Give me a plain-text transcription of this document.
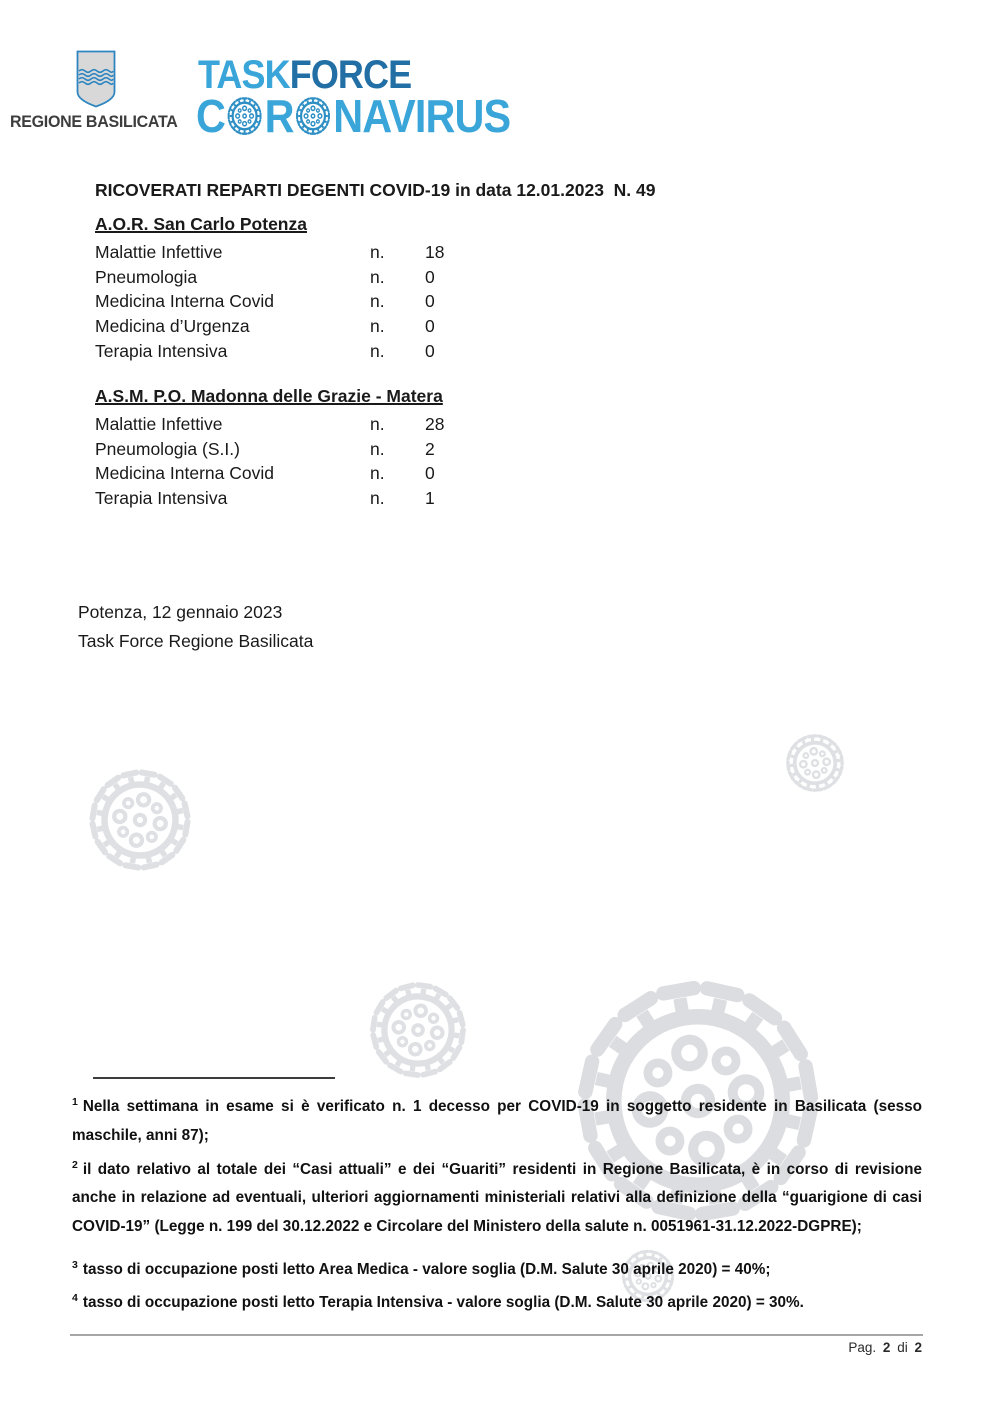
REGIONE BASILICATA
TASKFORCE
C R NAVIRUS
RICOVERATI REPARTI DEGENTI COVID-19 in data 12.01.2023  N. 49
A.O.R. San Carlo Potenza
Malattie Infettive	n.	18
Pneumologia	n.	0
Medicina Interna Covid	n.	0
Medicina d’Urgenza	n.	0
Terapia Intensiva	n.	0
A.S.M. P.O. Madonna delle Grazie - Matera
Malattie Infettive	n.	28
Pneumologia (S.I.)	n.	2
Medicina Interna Covid	n.	0
Terapia Intensiva	n.	1
Potenza, 12 gennaio 2023
Task Force Regione Basilicata
$^1$ Nella settimana in esame si è verificato n. 1 decesso per COVID-19 in soggetto residente in Basilicata (sesso maschile, anni 87);
$^2$ il dato relativo al totale dei “Casi attuali” e dei “Guariti” residenti in Regione Basilicata, è in corso di revisione anche in relazione ad eventuali, ulteriori aggiornamenti ministeriali relativi alla definizione della “guarigione di casi COVID-19” (Legge n. 199 del 30.12.2022 e Circolare del Ministero della salute n. 0051961-31.12.2022-DGPRE);
$^3$ tasso di occupazione posti letto Area Medica - valore soglia (D.M. Salute 30 aprile 2020) = 40%;
$^4$ tasso di occupazione posti letto Terapia Intensiva - valore soglia (D.M. Salute 30 aprile 2020) = 30%.
Pag. 2 di 2
